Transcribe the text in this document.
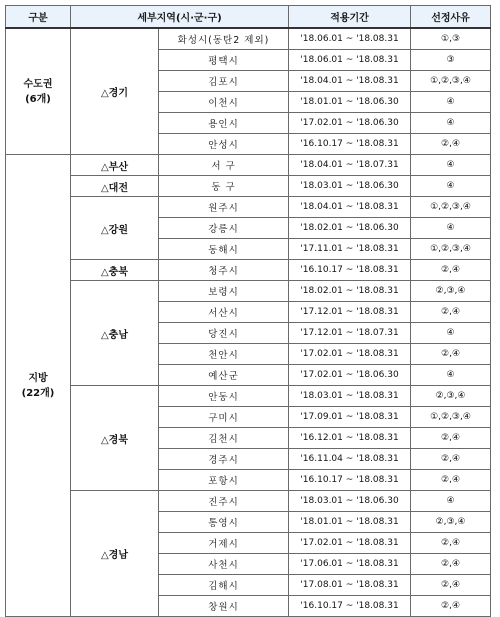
구분	세부지역(시·군·구)		적용기간	선정사유

수도권
(6개)	△경기	화성시(동탄2 제외)	'18.06.01 ~ '18.08.31	①,③
		평택시	'18.06.01 ~ '18.08.31	③
		김포시	'18.04.01 ~ '18.08.31	①,②,③,④
		이천시	'18.01.01 ~ '18.06.30	④
		용인시	'17.02.01 ~ '18.06.30	④
		안성시	'16.10.17 ~ '18.08.31	②,④

지방
(22개)	△부산	서 구	'18.04.01 ~ '18.07.31	④
	△대전	동 구	'18.03.01 ~ '18.06.30	④
	△강원	원주시	'18.04.01 ~ '18.08.31	①,②,③,④
		강릉시	'18.02.01 ~ '18.06.30	④
		동해시	'17.11.01 ~ '18.08.31	①,②,③,④
	△충북	청주시	'16.10.17 ~ '18.08.31	②,④
	△충남	보령시	'18.02.01 ~ '18.08.31	②,③,④
		서산시	'17.12.01 ~ '18.08.31	②,④
		당진시	'17.12.01 ~ '18.07.31	④
		천안시	'17.02.01 ~ '18.08.31	②,④
		예산군	'17.02.01 ~ '18.06.30	④
	△경북	안동시	'18.03.01 ~ '18.08.31	②,③,④
		구미시	'17.09.01 ~ '18.08.31	①,②,③,④
		김천시	'16.12.01 ~ '18.08.31	②,④
		경주시	'16.11.04 ~ '18.08.31	②,④
		포항시	'16.10.17 ~ '18.08.31	②,④
	△경남	진주시	'18.03.01 ~ '18.06.30	④
		통영시	'18.01.01 ~ '18.08.31	②,③,④
		거제시	'17.02.01 ~ '18.08.31	②,④
		사천시	'17.06.01 ~ '18.08.31	②,④
		김해시	'17.08.01 ~ '18.08.31	②,④
		창원시	'16.10.17 ~ '18.08.31	②,④
